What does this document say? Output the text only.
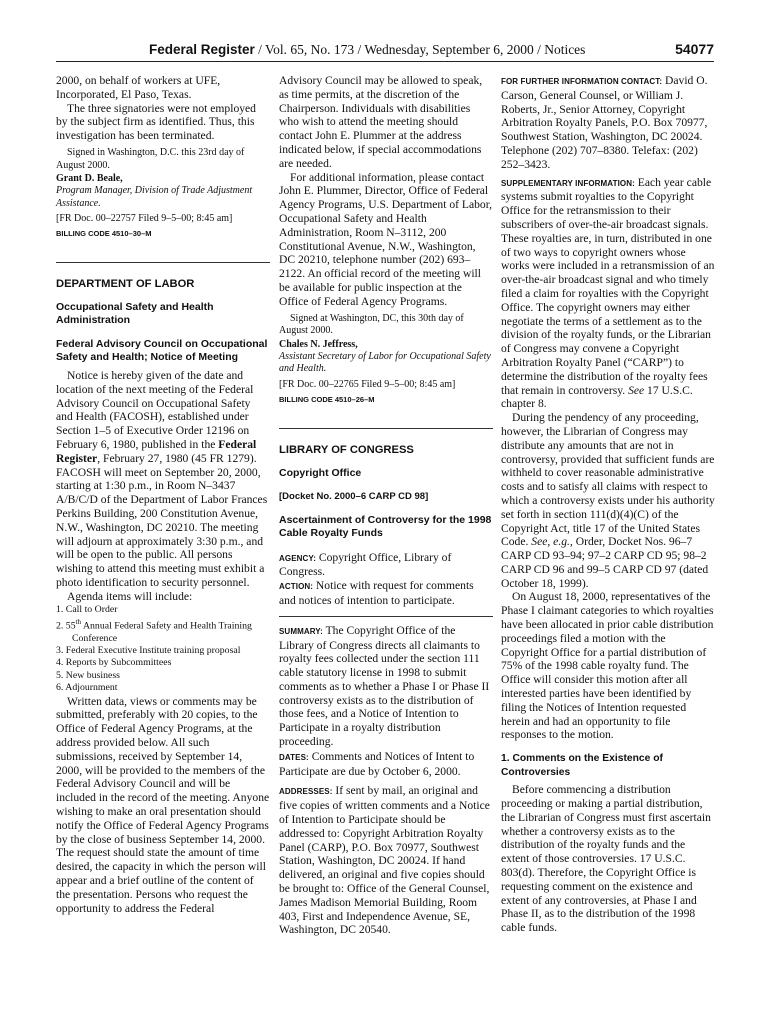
Federal Register / Vol. 65, No. 173 / Wednesday, September 6, 2000 / Notices	54077

2000, on behalf of workers at UFE, Incorporated, El Paso, Texas.

The three signatories were not employed by the subject firm as identified. Thus, this investigation has been terminated.

Signed in Washington, D.C. this 23rd day of August 2000.

Grant D. Beale,

Program Manager, Division of Trade Adjustment Assistance.

[FR Doc. 00–22757 Filed 9–5–00; 8:45 am]

BILLING CODE 4510–30–M

DEPARTMENT OF LABOR

Occupational Safety and Health Administration

Federal Advisory Council on Occupational Safety and Health; Notice of Meeting

Notice is hereby given of the date and location of the next meeting of the Federal Advisory Council on Occupational Safety and Health (FACOSH), established under Section 1–5 of Executive Order 12196 on February 6, 1980, published in the Federal Register, February 27, 1980 (45 FR 1279). FACOSH will meet on September 20, 2000, starting at 1:30 p.m., in Room N–3437 A/B/C/D of the Department of Labor Frances Perkins Building, 200 Constitution Avenue, N.W., Washington, DC 20210. The meeting will adjourn at approximately 3:30 p.m., and will be open to the public. All persons wishing to attend this meeting must exhibit a photo identification to security personnel.

Agenda items will include:

1. Call to Order

2. 55th Annual Federal Safety and Health Training Conference

3. Federal Executive Institute training proposal

4. Reports by Subcommittees

5. New business

6. Adjournment

Written data, views or comments may be submitted, preferably with 20 copies, to the Office of Federal Agency Programs, at the address provided below. All such submissions, received by September 14, 2000, will be provided to the members of the Federal Advisory Council and will be included in the record of the meeting. Anyone wishing to make an oral presentation should notify the Office of Federal Agency Programs by the close of business September 14, 2000. The request should state the amount of time desired, the capacity in which the person will appear and a brief outline of the content of the presentation. Persons who request the opportunity to address the Federal

Advisory Council may be allowed to speak, as time permits, at the discretion of the Chairperson. Individuals with disabilities who wish to attend the meeting should contact John E. Plummer at the address indicated below, if special accommodations are needed.

For additional information, please contact John E. Plummer, Director, Office of Federal Agency Programs, U.S. Department of Labor, Occupational Safety and Health Administration, Room N–3112, 200 Constitutional Avenue, N.W., Washington, DC 20210, telephone number (202) 693–2122. An official record of the meeting will be available for public inspection at the Office of Federal Agency Programs.

Signed at Washington, DC, this 30th day of August 2000.

Chales N. Jeffress,

Assistant Secretary of Labor for Occupational Safety and Health.

[FR Doc. 00–22765 Filed 9–5–00; 8:45 am]

BILLING CODE 4510–26–M

LIBRARY OF CONGRESS

Copyright Office

[Docket No. 2000–6 CARP CD 98]

Ascertainment of Controversy for the 1998 Cable Royalty Funds

AGENCY: Copyright Office, Library of Congress.

ACTION: Notice with request for comments and notices of intention to participate.

SUMMARY: The Copyright Office of the Library of Congress directs all claimants to royalty fees collected under the section 111 cable statutory license in 1998 to submit comments as to whether a Phase I or Phase II controversy exists as to the distribution of those fees, and a Notice of Intention to Participate in a royalty distribution proceeding.

DATES: Comments and Notices of Intent to Participate are due by October 6, 2000.

ADDRESSES: If sent by mail, an original and five copies of written comments and a Notice of Intention to Participate should be addressed to: Copyright Arbitration Royalty Panel (CARP), P.O. Box 70977, Southwest Station, Washington, DC 20024. If hand delivered, an original and five copies should be brought to: Office of the General Counsel, James Madison Memorial Building, Room 403, First and Independence Avenue, SE, Washington, DC 20540.

FOR FURTHER INFORMATION CONTACT: David O. Carson, General Counsel, or William J. Roberts, Jr., Senior Attorney, Copyright Arbitration Royalty Panels, P.O. Box 70977, Southwest Station, Washington, DC 20024. Telephone (202) 707–8380. Telefax: (202) 252–3423.

SUPPLEMENTARY INFORMATION: Each year cable systems submit royalties to the Copyright Office for the retransmission to their subscribers of over-the-air broadcast signals. These royalties are, in turn, distributed in one of two ways to copyright owners whose works were included in a retransmission of an over-the-air broadcast signal and who timely filed a claim for royalties with the Copyright Office. The copyright owners may either negotiate the terms of a settlement as to the division of the royalty funds, or the Librarian of Congress may convene a Copyright Arbitration Royalty Panel (“CARP”) to determine the distribution of the royalty fees that remain in controversy. See 17 U.S.C. chapter 8.

During the pendency of any proceeding, however, the Librarian of Congress may distribute any amounts that are not in controversy, provided that sufficient funds are withheld to cover reasonable administrative costs and to satisfy all claims with respect to which a controversy exists under his authority set forth in section 111(d)(4)(C) of the Copyright Act, title 17 of the United States Code. See, e.g., Order, Docket Nos. 96–7 CARP CD 93–94; 97–2 CARP CD 95; 98–2 CARP CD 96 and 99–5 CARP CD 97 (dated October 18, 1999).

On August 18, 2000, representatives of the Phase I claimant categories to which royalties have been allocated in prior cable distribution proceedings filed a motion with the Copyright Office for a partial distribution of 75% of the 1998 cable royalty fund. The Office will consider this motion after all interested parties have been identified by filing the Notices of Intention requested herein and had an opportunity to file responses to the motion.

1. Comments on the Existence of Controversies

Before commencing a distribution proceeding or making a partial distribution, the Librarian of Congress must first ascertain whether a controversy exists as to the distribution of the royalty funds and the extent of those controversies. 17 U.S.C. 803(d). Therefore, the Copyright Office is requesting comment on the existence and extent of any controversies, at Phase I and Phase II, as to the distribution of the 1998 cable funds.
